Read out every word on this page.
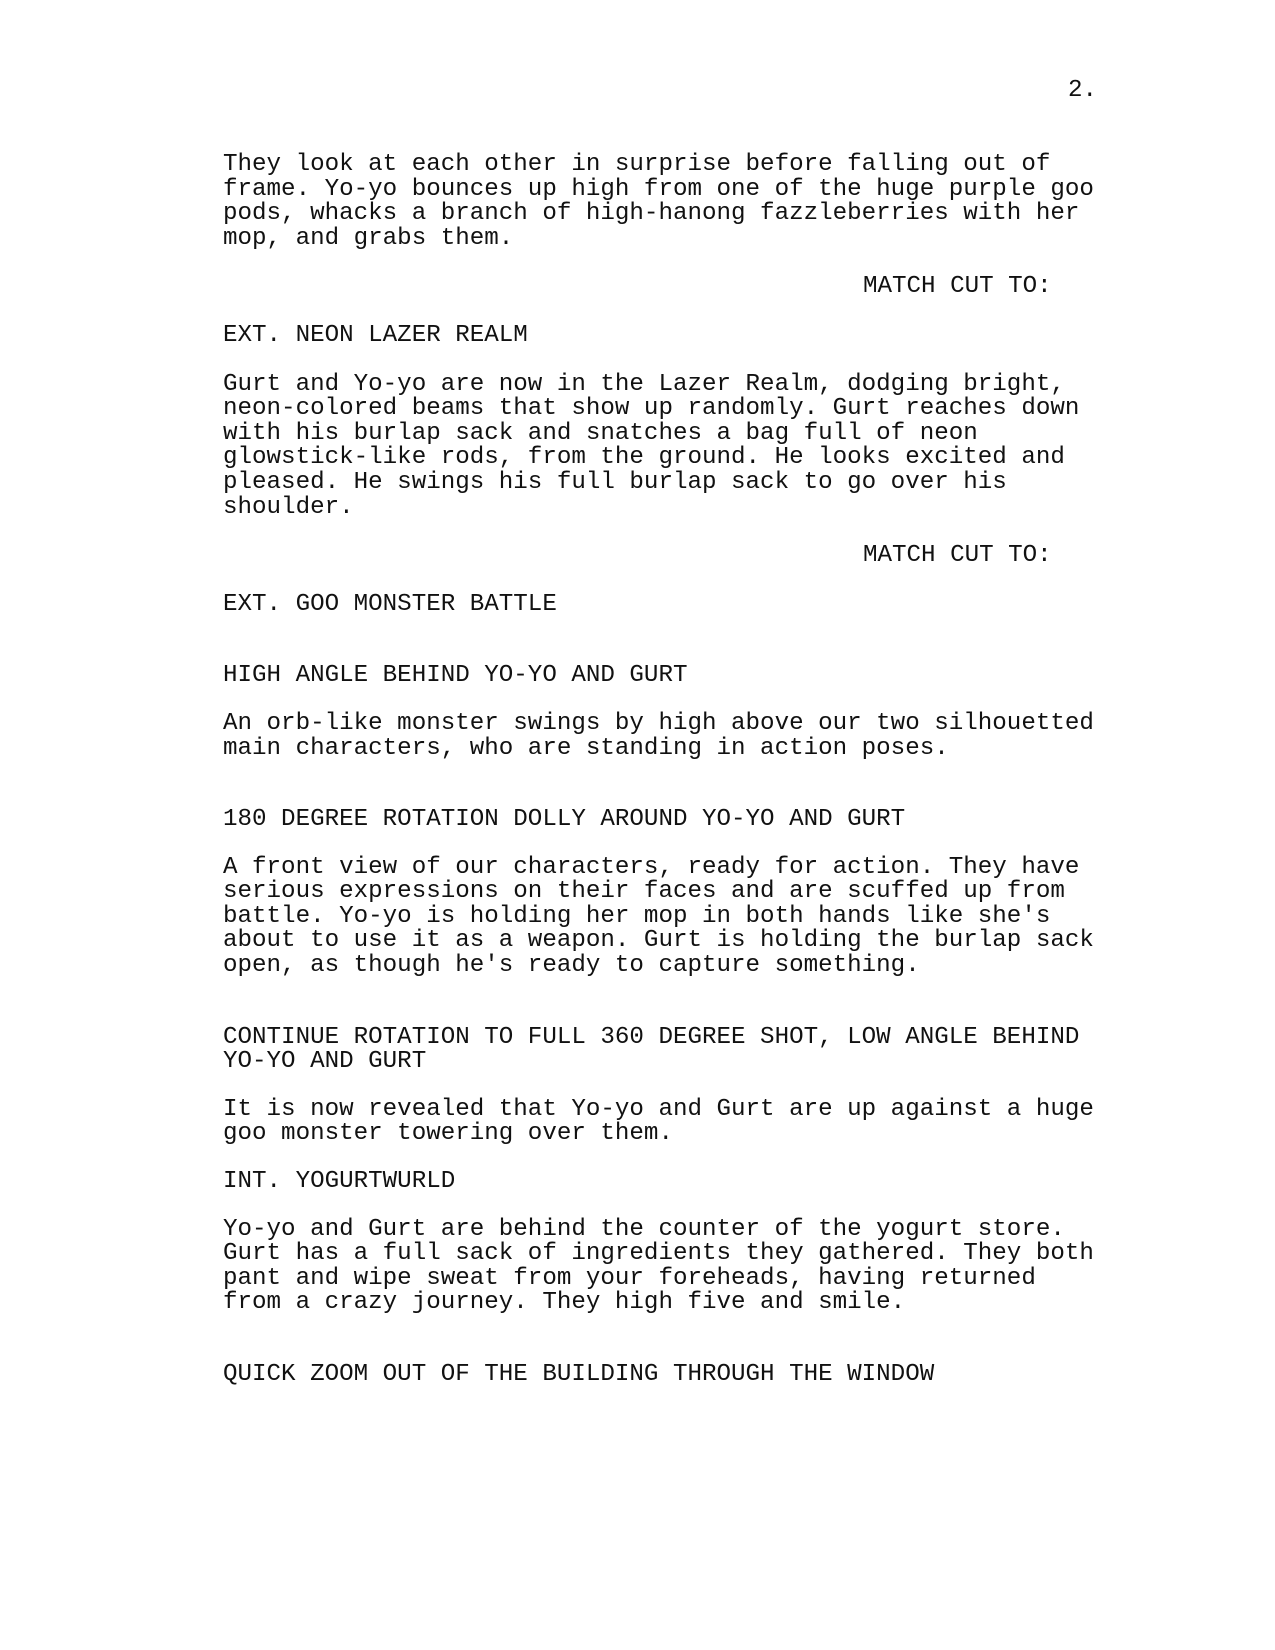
2.

They look at each other in surprise before falling out of
frame. Yo-yo bounces up high from one of the huge purple goo
pods, whacks a branch of high-hanong fazzleberries with her
mop, and grabs them.

MATCH CUT TO:

EXT. NEON LAZER REALM

Gurt and Yo-yo are now in the Lazer Realm, dodging bright,
neon-colored beams that show up randomly. Gurt reaches down
with his burlap sack and snatches a bag full of neon
glowstick-like rods, from the ground. He looks excited and
pleased. He swings his full burlap sack to go over his
shoulder.

MATCH CUT TO:

EXT. GOO MONSTER BATTLE

HIGH ANGLE BEHIND YO-YO AND GURT

An orb-like monster swings by high above our two silhouetted
main characters, who are standing in action poses.

180 DEGREE ROTATION DOLLY AROUND YO-YO AND GURT

A front view of our characters, ready for action. They have
serious expressions on their faces and are scuffed up from
battle. Yo-yo is holding her mop in both hands like she's
about to use it as a weapon. Gurt is holding the burlap sack
open, as though he's ready to capture something.

CONTINUE ROTATION TO FULL 360 DEGREE SHOT, LOW ANGLE BEHIND
YO-YO AND GURT

It is now revealed that Yo-yo and Gurt are up against a huge
goo monster towering over them.

INT. YOGURTWURLD

Yo-yo and Gurt are behind the counter of the yogurt store.
Gurt has a full sack of ingredients they gathered. They both
pant and wipe sweat from your foreheads, having returned
from a crazy journey. They high five and smile.

QUICK ZOOM OUT OF THE BUILDING THROUGH THE WINDOW
